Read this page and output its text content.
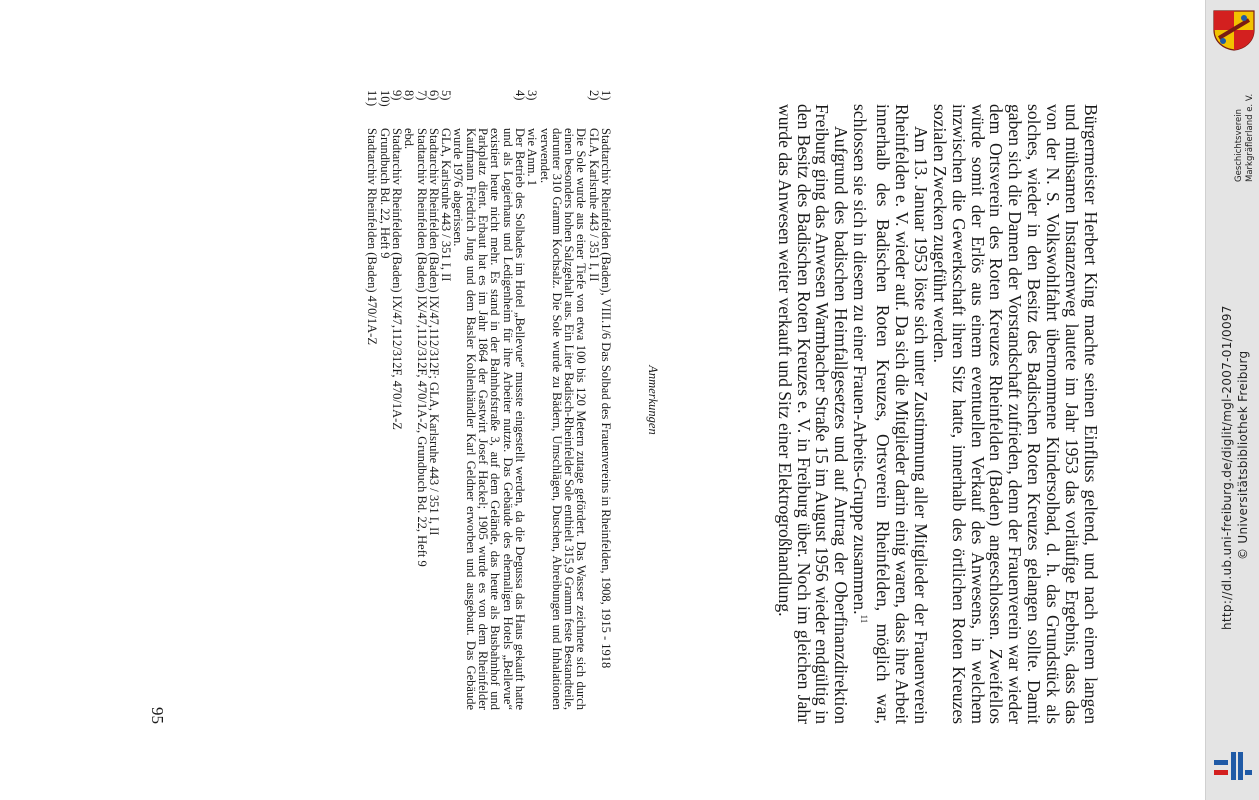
Bürgermeister Herbert King machte seinen Einfluss geltend, und nach einem langen und mühsamen Instanzenweg lautete im Jahr 1953 das vorläufige Ergebnis, dass das von der N. S. Volkswohlfahrt übernommene Kindersolbad, d. h. das Grundstück als solches, wieder in den Besitz des Badischen Roten Kreuzes gelangen sollte. Damit gaben sich die Damen der Vorstandschaft zufrieden, denn der Frauenverein war wieder dem Ortsverein des Roten Kreuzes Rheinfelden (Baden) angeschlossen. Zweifellos würde somit der Erlös aus einem eventuellen Verkauf des Anwesens, in welchem inzwischen die Gewerkschaft ihren Sitz hatte, innerhalb des örtlichen Roten Kreuzes sozialen Zwecken zugeführt werden.

Am 13. Januar 1953 löste sich unter Zustimmung aller Mitglieder der Frauenverein Rheinfelden e. V. wieder auf. Da sich die Mitglieder darin einig waren, dass ihre Arbeit innerhalb des Badischen Roten Kreuzes, Ortsverein Rheinfelden, möglich war, schlossen sie sich in diesem zu einer Frauen-Arbeits-Gruppe zusammen.$^{11}$

Aufgrund des badischen Heimfallgesetzes und auf Antrag der Oberfinanzdirektion Freiburg ging das Anwesen Warmbacher Straße 15 im August 1956 wieder endgültig in den Besitz des Badischen Roten Kreuzes e. V. in Freiburg über. Noch im gleichen Jahr wurde das Anwesen weiter verkauft und Sitz einer Elektrogroßhandlung.

Anmerkungen
1)
Stadtarchiv Rheinfelden (Baden), VIII.1/6 Das Solbad des Frauenvereins in Rheinfelden, 1908, 1915 - 1918
2)
GLA, Karlsruhe 443 / 351 I, II
Die Sole wurde aus einer Tiefe von etwa 100 bis 120 Metern zutage gefördert. Das Wasser zeichnete sich durch einen besonders hohen Salzgehalt aus. Ein Liter Badisch-Rheinfelder Sole enthielt 315,9 Gramm feste Bestandteile, darunter 310 Gramm Kochsalz. Die Sole wurde zu Bädern, Umschlägen, Duschen, Abreibungen und Inhalationen verwendet.
3)
wie Anm. 1
4)
Der Betrieb des Solbades im Hotel „Bellevue“ musste eingestellt werden, da die Degussa das Haus gekauft hatte und als Logierhaus und Ledigenheim für ihre Arbeiter nutzte. Das Gebäude des ehemaligen Hotels „Bellevue“ existiert heute nicht mehr. Es stand in der Bahnhofstraße 3, auf dem Gelände, das heute als Busbahnhof und Parkplatz dient. Erbaut hat es im Jahr 1864 der Gastwirt Josef Hackel; 1905 wurde es von dem Rheinfelder Kaufmann Friedrich Jung und dem Basler Kohlenhändler Karl Geldner erworben und ausgebaut. Das Gebäude wurde 1976 abgerissen.
5)
GLA, Karlsruhe 443 / 351 I, II
6)
Stadtarchiv Rheinfelden (Baden) IX/47,112/312F; GLA, Karlsruhe 443 / 351 I, II
7)
Stadtarchiv Rheinfelden (Baden) IX/47,112/312F, 470/1A-Z, Grundbuch Bd. 22, Heft 9
8)
ebd.
9)
Stadtarchiv Rheinfelden (Baden) IX/47,112/312F, 470/1A-Z
10)
Grundbuch Bd. 22, Heft 9
11)
Stadtarchiv Rheinfelden (Baden) 470/1A-Z
95
Geschichtsverein Markgräflerland e. V.
http://dl.ub.uni-freiburg.de/diglit/mgl-2007-01/0097 © Universitätsbibliothek Freiburg
